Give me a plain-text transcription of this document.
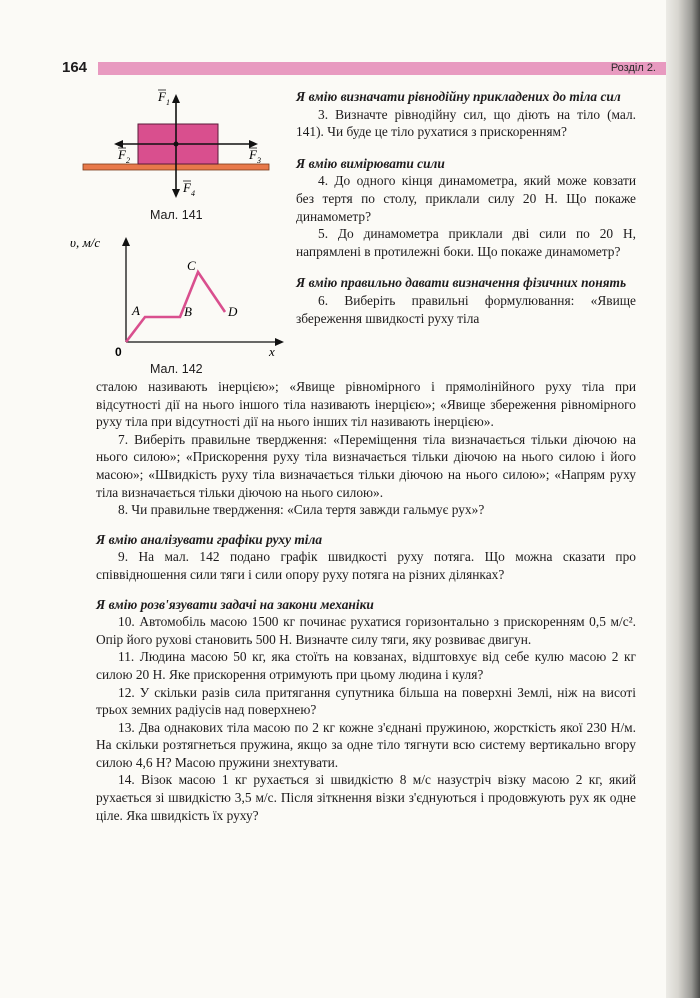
164	Розділ 2.
F 1
F 2	F 3
F 4
Мал. 141
υ, м/с
x
0
A	B
C
D
Мал. 142
Я вмію визначати рівнодійну прикладених до тіла сил
3. Визначте рівнодійну сил, що діють на тіло (мал. 141). Чи буде це тіло рухатися з прискоренням?
Я вмію вимірювати сили
4. До одного кінця динамометра, який може ковзати без тертя по столу, приклали силу 20 Н. Що покаже динамометр?
5. До динамометра приклали дві сили по 20 Н, напрямлені в протилежні боки. Що покаже динамометр?
Я вмію правильно давати визначення фізичних понять
6. Виберіть правильні формулювання: «Явище збереження швидкості руху тіла
сталою називають інерцією»; «Явище рівномірного і прямолінійного руху тіла при відсутності дії на нього іншого тіла називають інерцією»; «Явище збереження рівномірного руху тіла при відсутності дії на нього інших тіл називають інерцією».
7. Виберіть правильне твердження: «Переміщення тіла визначається тільки діючою на нього силою»; «Прискорення руху тіла визначається тільки діючою на нього силою і його масою»; «Швидкість руху тіла визначається тільки діючою на нього силою»; «Напрям руху тіла визначається тільки діючою на нього силою».
8. Чи правильне твердження: «Сила тертя завжди гальмує рух»?
Я вмію аналізувати графіки руху тіла
9. На мал. 142 подано графік швидкості руху потяга. Що можна сказати про співвідношення сили тяги і сили опору руху потяга на різних ділянках?
Я вмію розв'язувати задачі на закони механіки
10. Автомобіль масою 1500 кг починає рухатися горизонтально з прискоренням 0,5 м/с². Опір його рухові становить 500 Н. Визначте силу тяги, яку розвиває двигун.
11. Людина масою 50 кг, яка стоїть на ковзанах, відштовхує від себе кулю масою 2 кг силою 20 Н. Яке прискорення отримують при цьому людина і куля?
12. У скільки разів сила притягання супутника більша на поверхні Землі, ніж на висоті трьох земних радіусів над поверхнею?
13. Два однакових тіла масою по 2 кг кожне з'єднані пружиною, жорсткість якої 230 Н/м. На скільки розтягнеться пружина, якщо за одне тіло тягнути всю систему вертикально вгору силою 4,6 Н? Масою пружини знехтувати.
14. Візок масою 1 кг рухається зі швидкістю 8 м/с назустріч візку масою 2 кг, який рухається зі швидкістю 3,5 м/с. Після зіткнення візки з'єднуються і продовжують рух як одне ціле. Яка швидкість їх руху?
